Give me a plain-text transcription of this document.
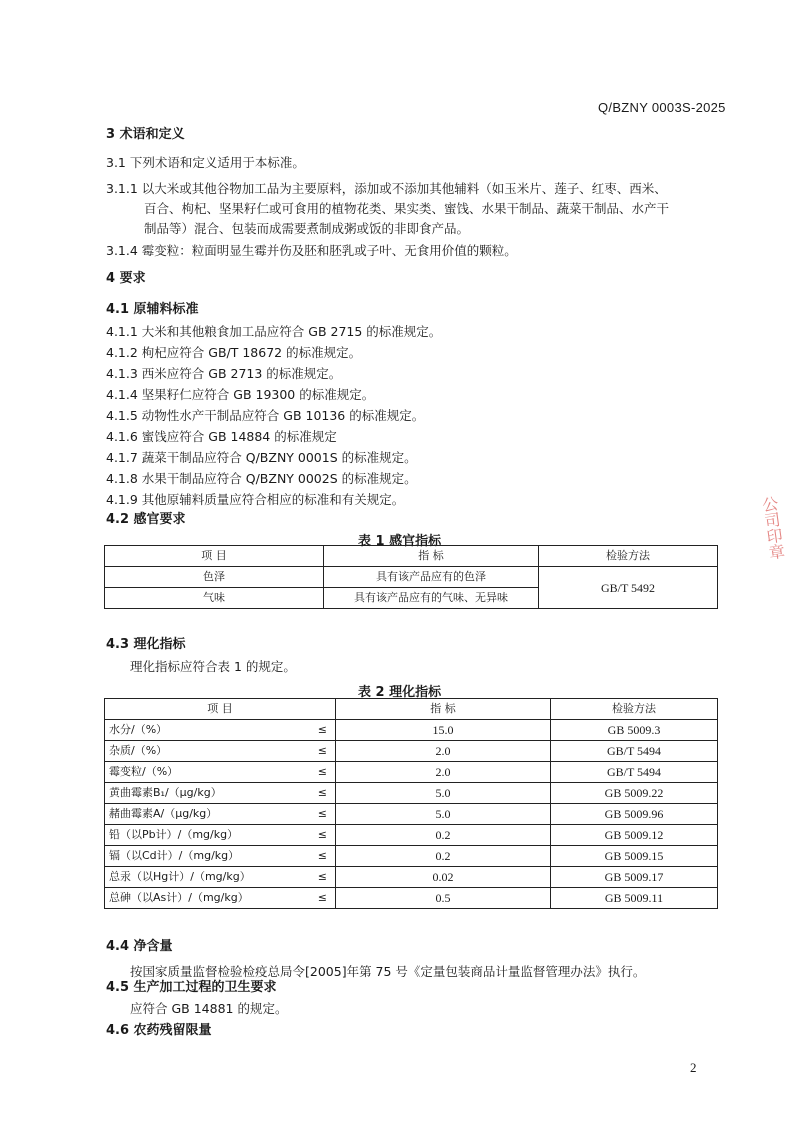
Q/BZNY 0003S-2025
3 术语和定义
3.1 下列术语和定义适用于本标准。
3.1.1 以大米或其他谷物加工品为主要原料，添加或不添加其他辅料（如玉米片、莲子、红枣、西米、
百合、枸杞、坚果籽仁或可食用的植物花类、果实类、蜜饯、水果干制品、蔬菜干制品、水产干
制品等）混合、包装而成需要煮制成粥或饭的非即食产品。
3.1.4 霉变粒：粒面明显生霉并伤及胚和胚乳或子叶、无食用价值的颗粒。
4 要求
4.1 原辅料标准
4.1.1 大米和其他粮食加工品应符合 GB 2715 的标准规定。
4.1.2 枸杞应符合 GB/T 18672 的标准规定。
4.1.3 西米应符合 GB 2713 的标准规定。
4.1.4 坚果籽仁应符合 GB 19300 的标准规定。
4.1.5 动物性水产干制品应符合 GB 10136 的标准规定。
4.1.6 蜜饯应符合 GB 14884 的标准规定
4.1.7 蔬菜干制品应符合 Q/BZNY 0001S 的标准规定。
4.1.8 水果干制品应符合 Q/BZNY 0002S 的标准规定。
4.1.9 其他原辅料质量应符合相应的标准和有关规定。
4.2 感官要求
表 1 感官指标
项 目	指 标	检验方法
色泽	具有该产品应有的色泽	GB/T 5492
气味	具有该产品应有的气味、无异味	
4.3 理化指标
理化指标应符合表 1 的规定。
表 2 理化指标
项 目		指 标	检验方法
水分/（%）	≤	15.0	GB 5009.3
杂质/（%）	≤	2.0	GB/T 5494
霉变粒/（%）	≤	2.0	GB/T 5494
黄曲霉素B₁/（μg/kg）	≤	5.0	GB 5009.22
赭曲霉素A/（μg/kg）	≤	5.0	GB 5009.96
铅（以Pb计）/（mg/kg）	≤	0.2	GB 5009.12
镉（以Cd计）/（mg/kg）	≤	0.2	GB 5009.15
总汞（以Hg计）/（mg/kg）	≤	0.02	GB 5009.17
总砷（以As计）/（mg/kg）	≤	0.5	GB 5009.11
4.4 净含量
按国家质量监督检验检疫总局令[2005]年第 75 号《定量包装商品计量监督管理办法》执行。
4.5 生产加工过程的卫生要求
应符合 GB 14881 的规定。
4.6 农药残留限量
公司印章
2
